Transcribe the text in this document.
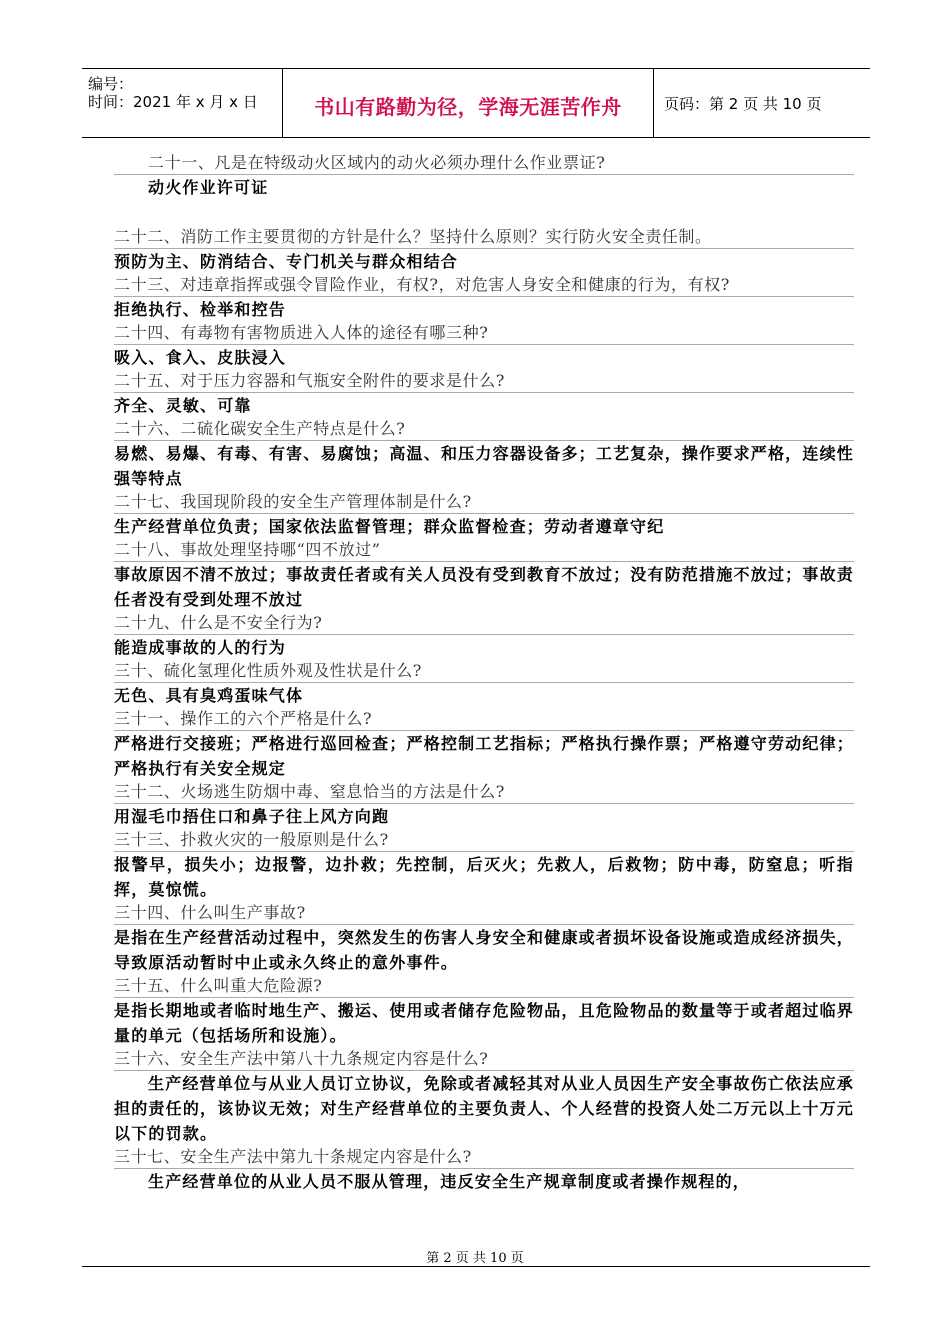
编号：
时间：2021 年 x 月 x 日	书山有路勤为径，学海无涯苦作舟	页码：第 2 页 共 10 页
二十一、凡是在特级动火区域内的动火必须办理什么作业票证?
动火作业许可证
二十二、消防工作主要贯彻的方针是什么？坚持什么原则？实行防火安全责任制。
预防为主、防消结合、专门机关与群众相结合
二十三、对违章指挥或强令冒险作业，有权?，对危害人身安全和健康的行为，有权?
拒绝执行、检举和控告
二十四、有毒物有害物质进入人体的途径有哪三种?
吸入、食入、皮肤浸入
二十五、对于压力容器和气瓶安全附件的要求是什么?
齐全、灵敏、可靠
二十六、二硫化碳安全生产特点是什么?
易燃、易爆、有毒、有害、易腐蚀；高温、和压力容器设备多；工艺复杂，操作要求严格，连续性强等特点
二十七、我国现阶段的安全生产管理体制是什么?
生产经营单位负责；国家依法监督管理；群众监督检查；劳动者遵章守纪
二十八、事故处理坚持哪“四不放过”
事故原因不清不放过；事故责任者或有关人员没有受到教育不放过；没有防范措施不放过；事故责任者没有受到处理不放过
二十九、什么是不安全行为?
能造成事故的人的行为
三十、硫化氢理化性质外观及性状是什么?
无色、具有臭鸡蛋味气体
三十一、操作工的六个严格是什么?
严格进行交接班；严格进行巡回检查；严格控制工艺指标；严格执行操作票；严格遵守劳动纪律；严格执行有关安全规定
三十二、火场逃生防烟中毒、窒息恰当的方法是什么?
用湿毛巾捂住口和鼻子往上风方向跑
三十三、扑救火灾的一般原则是什么?
报警早，损失小；边报警，边扑救；先控制，后灭火；先救人，后救物；防中毒，防窒息；听指挥，莫惊慌。
三十四、什么叫生产事故?
是指在生产经营活动过程中，突然发生的伤害人身安全和健康或者损坏设备设施或造成经济损失，导致原活动暂时中止或永久终止的意外事件。
三十五、什么叫重大危险源?
是指长期地或者临时地生产、搬运、使用或者储存危险物品，且危险物品的数量等于或者超过临界量的单元（包括场所和设施）。
三十六、安全生产法中第八十九条规定内容是什么?
生产经营单位与从业人员订立协议，免除或者减轻其对从业人员因生产安全事故伤亡依法应承担的责任的，该协议无效；对生产经营单位的主要负责人、个人经营的投资人处二万元以上十万元以下的罚款。
三十七、安全生产法中第九十条规定内容是什么?
生产经营单位的从业人员不服从管理，违反安全生产规章制度或者操作规程的，
第 2 页 共 10 页
